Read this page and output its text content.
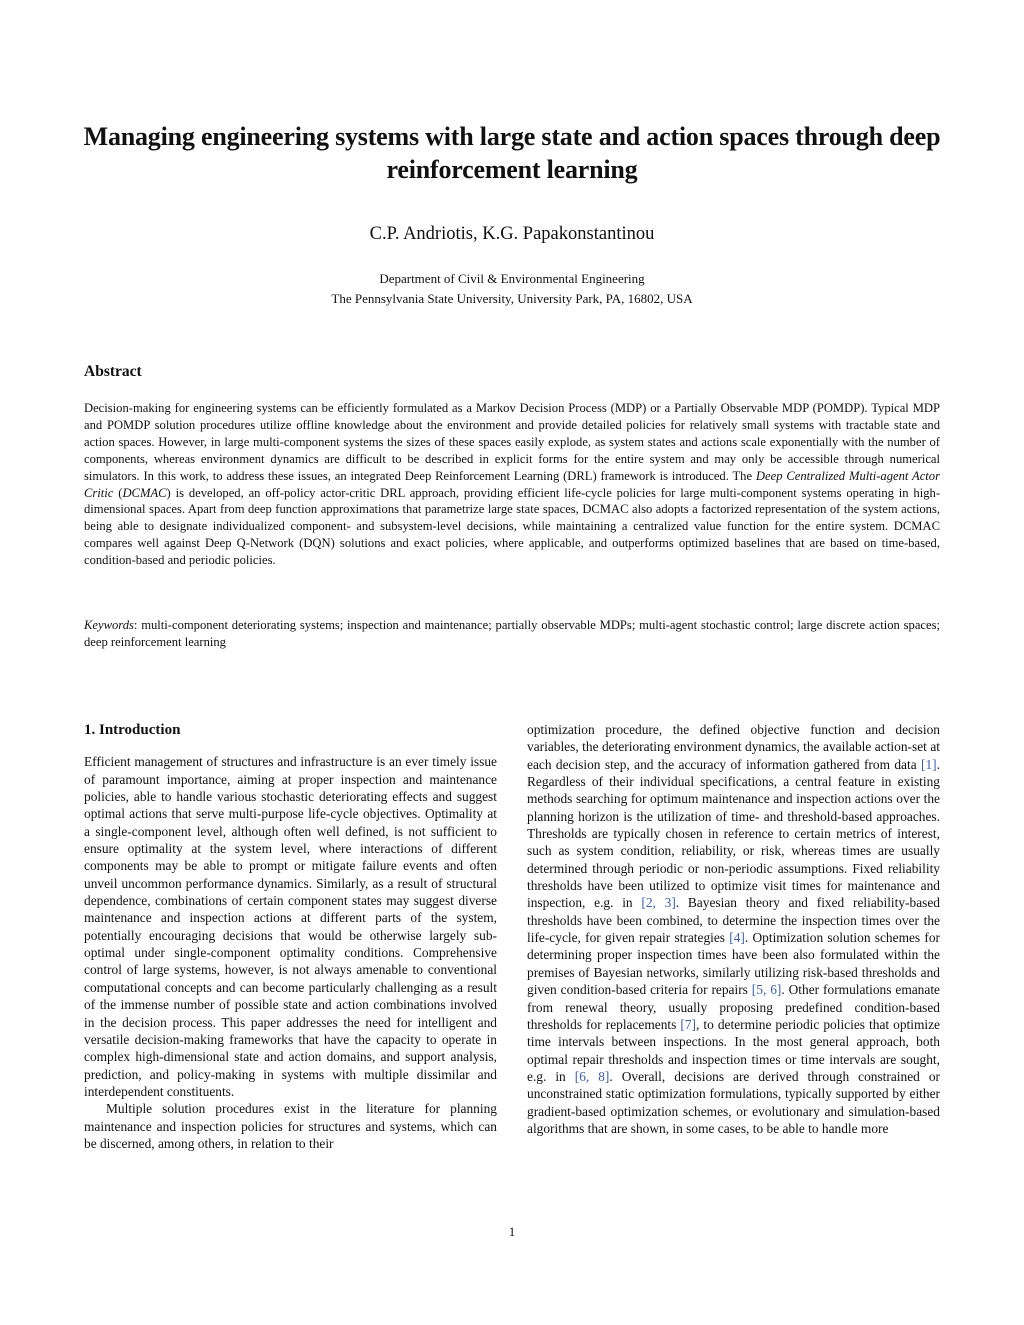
Managing engineering systems with large state and action spaces through deep reinforcement learning
C.P. Andriotis, K.G. Papakonstantinou
Department of Civil & Environmental Engineering
The Pennsylvania State University, University Park, PA, 16802, USA
Abstract

Decision-making for engineering systems can be efficiently formulated as a Markov Decision Process (MDP) or a Partially Observable MDP (POMDP). Typical MDP and POMDP solution procedures utilize offline knowledge about the environment and provide detailed policies for relatively small systems with tractable state and action spaces. However, in large multi-component systems the sizes of these spaces easily explode, as system states and actions scale exponentially with the number of components, whereas environment dynamics are difficult to be described in explicit forms for the entire system and may only be accessible through numerical simulators. In this work, to address these issues, an integrated Deep Reinforcement Learning (DRL) framework is introduced. The Deep Centralized Multi-agent Actor Critic (DCMAC) is developed, an off-policy actor-critic DRL approach, providing efficient life-cycle policies for large multi-component systems operating in high-dimensional spaces. Apart from deep function approximations that parametrize large state spaces, DCMAC also adopts a factorized representation of the system actions, being able to designate individualized component- and subsystem-level decisions, while maintaining a centralized value function for the entire system. DCMAC compares well against Deep Q-Network (DQN) solutions and exact policies, where applicable, and outperforms optimized baselines that are based on time-based, condition-based and periodic policies.

Keywords: multi-component deteriorating systems; inspection and maintenance; partially observable MDPs; multi-agent stochastic control; large discrete action spaces; deep reinforcement learning

1. Introduction

Efficient management of structures and infrastructure is an ever timely issue of paramount importance, aiming at proper inspection and maintenance policies, able to handle various stochastic deteriorating effects and suggest optimal actions that serve multi-purpose life-cycle objectives. Optimality at a single-component level, although often well defined, is not sufficient to ensure optimality at the system level, where interactions of different components may be able to prompt or mitigate failure events and often unveil uncommon performance dynamics. Similarly, as a result of structural dependence, combinations of certain component states may suggest diverse maintenance and inspection actions at different parts of the system, potentially encouraging decisions that would be otherwise largely sub-optimal under single-component optimality conditions. Comprehensive control of large systems, however, is not always amenable to conventional computational concepts and can become particularly challenging as a result of the immense number of possible state and action combinations involved in the decision process. This paper addresses the need for intelligent and versatile decision-making frameworks that have the capacity to operate in complex high-dimensional state and action domains, and support analysis, prediction, and policy-making in systems with multiple dissimilar and interdependent constituents.

Multiple solution procedures exist in the literature for planning maintenance and inspection policies for structures and systems, which can be discerned, among others, in relation to their

optimization procedure, the defined objective function and decision variables, the deteriorating environment dynamics, the available action-set at each decision step, and the accuracy of information gathered from data [1]. Regardless of their individual specifications, a central feature in existing methods searching for optimum maintenance and inspection actions over the planning horizon is the utilization of time- and threshold-based approaches. Thresholds are typically chosen in reference to certain metrics of interest, such as system condition, reliability, or risk, whereas times are usually determined through periodic or non-periodic assumptions. Fixed reliability thresholds have been utilized to optimize visit times for maintenance and inspection, e.g. in [2, 3]. Bayesian theory and fixed reliability-based thresholds have been combined, to determine the inspection times over the life-cycle, for given repair strategies [4]. Optimization solution schemes for determining proper inspection times have been also formulated within the premises of Bayesian networks, similarly utilizing risk-based thresholds and given condition-based criteria for repairs [5, 6]. Other formulations emanate from renewal theory, usually proposing predefined condition-based thresholds for replacements [7], to determine periodic policies that optimize time intervals between inspections. In the most general approach, both optimal repair thresholds and inspection times or time intervals are sought, e.g. in [6, 8]. Overall, decisions are derived through constrained or unconstrained static optimization formulations, typically supported by either gradient-based optimization schemes, or evolutionary and simulation-based algorithms that are shown, in some cases, to be able to handle more

1
